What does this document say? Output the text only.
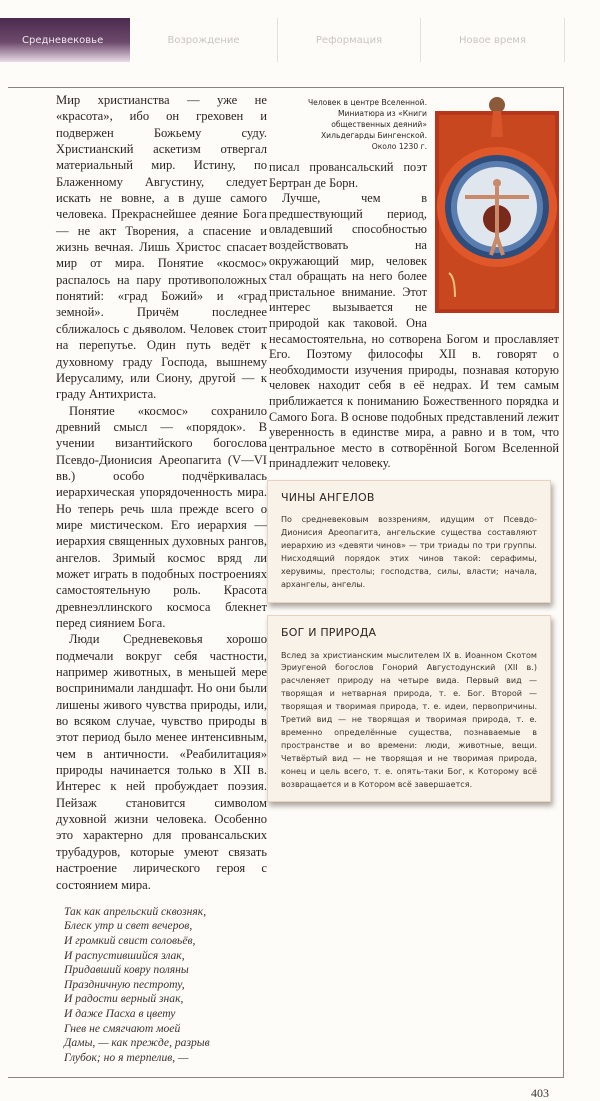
Средневековье	Возрождение	Реформация	Новое время

Мир христианства — уже не «красота», ибо он греховен и подвержен Божьему суду. Христианский аскетизм отвергал материальный мир. Истину, по Блаженному Августину, следует искать не вовне, а в душе самого человека. Прекраснейшее деяние Бога — не акт Творения, а спасение и жизнь вечная. Лишь Христос спасает мир от мира. Понятие «космос» распалось на пару противоположных понятий: «град Божий» и «град земной». Причём последнее сближалось с дьяволом. Человек стоит на перепутье. Один путь ведёт к духовному граду Господа, вышнему Иерусалиму, или Сиону, другой — к граду Антихриста.

Понятие «космос» сохранило древний смысл — «порядок». В учении византийского богослова Псевдо-Дионисия Ареопагита (V—VI вв.) особо подчёркивалась иерархическая упорядоченность мира. Но теперь речь шла прежде всего о мире мистическом. Его иерархия — иерархия священных духовных рангов, ангелов. Зримый космос вряд ли может играть в подобных построениях самостоятельную роль. Красота древнеэллинского космоса блекнет перед сиянием Бога.

Люди Средневековья хорошо подмечали вокруг себя частности, например животных, в меньшей мере воспринимали ландшафт. Но они были лишены живого чувства природы, или, во всяком случае, чувство природы в этот период было менее интенсивным, чем в античности. «Реабилитация» природы начинается только в XII в. Интерес к ней пробуждает поэзия. Пейзаж становится символом духовной жизни человека. Особенно это характерно для провансальских трубадуров, которые умеют связать настроение лирического героя с состоянием мира.

Так как апрельский сквозняк,
Блеск утр и свет вечеров,
И громкий свист соловьёв,
И распустившийся злак,
Придавший ковру поляны
Праздничную пестроту,
И радости верный знак,
И даже Пасха в цвету
Гнев не смягчают моей
Дамы, — как прежде, разрыв
Глубок; но я терпелив, —
Человек в центре Вселенной.
Миниатюра из «Книги
общественных деяний»
Хильдегарды Бингенской.
Около 1230 г.

писал провансальский поэт Бертран де Борн.

Лучше, чем в предшествующий период, овладевший способностью воздействовать на окружающий мир, человек стал обращать на него более пристальное внимание. Этот интерес вызывается не природой как таковой. Она несамостоятельна, но сотворена Богом и прославляет Его. Поэтому философы XII в. говорят о необходимости изучения природы, познавая которую человек находит себя в её недрах. И тем самым приближается к пониманию Божественного порядка и Самого Бога. В основе подобных представлений лежит уверенность в единстве мира, а равно и в том, что центральное место в сотворённой Богом Вселенной принадлежит человеку.

ЧИНЫ АНГЕЛОВ

По средневековым воззрениям, идущим от Псевдо-Дионисия Ареопагита, ангельские существа составляют иерархию из «девяти чинов» — три триады по три группы. Нисходящий порядок этих чинов такой: серафимы, херувимы, престолы; господства, силы, власти; начала, архангелы, ангелы.

БОГ И ПРИРОДА

Вслед за христианским мыслителем IX в. Иоанном Скотом Эриугеной богослов Гонорий Августодунский (XII в.) расчленяет природу на четыре вида. Первый вид — творящая и нетварная природа, т. е. Бог. Второй — творящая и творимая природа, т. е. идеи, первопричины. Третий вид — не творящая и творимая природа, т. е. временно определённые существа, познаваемые в пространстве и во времени: люди, животные, вещи. Четвёртый вид — не творящая и не творимая природа, конец и цель всего, т. е. опять-таки Бог, к Которому всё возвращается и в Котором всё завершается.

403
